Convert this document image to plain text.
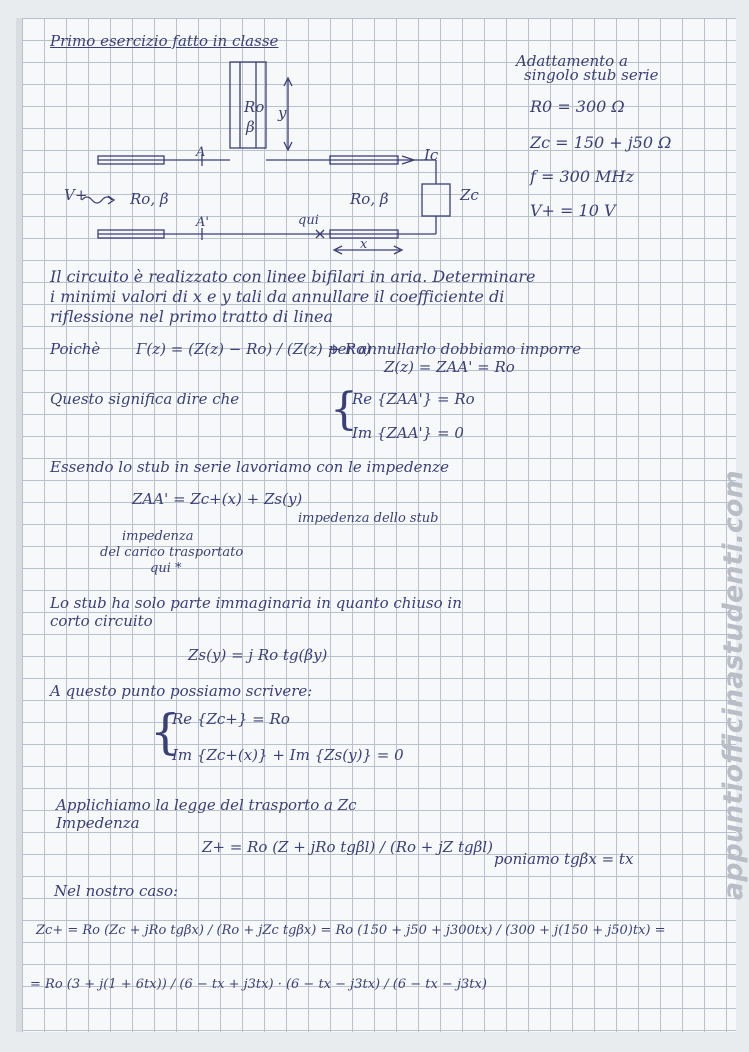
Primo esercizio fatto in classe
Adattamento a
singolo stub serie
R0 = 300 Ω
Zc = 150 + j50 Ω
f = 300 MHz
V+ = 10 V
Ro
β
y
A
A'
Ic
V+	Ro, β	Ro, β	Zc
qui
x
Il circuito è realizzato con linee bifilari in aria. Determinare
i minimi valori di x e y tali da annullare il coefficiente di
riflessione nel primo tratto di linea
Poichè Γ(z) = (Z(z) − Ro) / (Z(z) + Ro)
per annullarlo dobbiamo imporre
Z(z) = ZAA' = Ro
Questo significa dire che {
Re {ZAA'} = Ro
Im {ZAA'} = 0
Essendo lo stub in serie lavoriamo con le impedenze
ZAA' = Zc+(x) + Zs(y)
impedenza dello stub
impedenza
del carico trasportato
qui *
Lo stub ha solo parte immaginaria in quanto chiuso in
corto circuito
Zs(y) = j Ro tg(βy)
A questo punto possiamo scrivere:
{
Re {Zc+} = Ro
Im {Zc+(x)} + Im {Zs(y)} = 0
Applichiamo la legge del trasporto a Zc
Impedenza
Z+ = Ro (Z + jRo tgβl) / (Ro + jZ tgβl)
poniamo tgβx = tx
Nel nostro caso:
Zc+ = Ro (Zc + jRo tgβx) / (Ro + jZc tgβx) = Ro (150 + j50 + j300tx) / (300 + j(150 + j50)tx) =
= Ro (3 + j(1 + 6tx)) / (6 − tx + j3tx) · (6 − tx − j3tx) / (6 − tx − j3tx)
appuntiofficinastudenti.com
